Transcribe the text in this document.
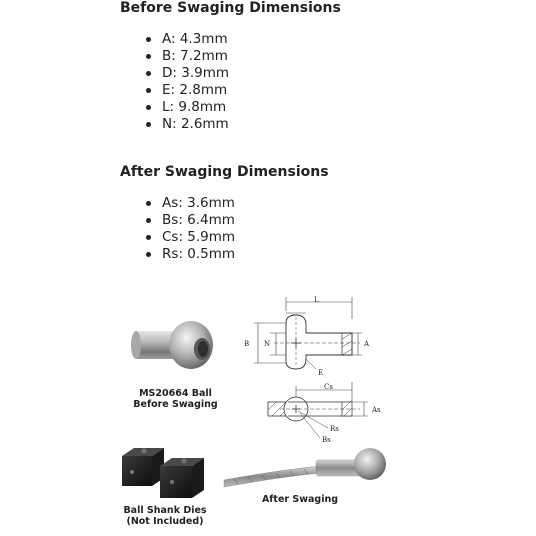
Before Swaging Dimensions
A: 4.3mm
B: 7.2mm
D: 3.9mm
E: 2.8mm
L: 9.8mm
N: 2.6mm
After Swaging Dimensions
As: 3.6mm
Bs: 6.4mm
Cs: 5.9mm
Rs: 0.5mm
MS20664 Ball
Before Swaging
L
B N	A
E
Cs
As
Rs
Bs
Ball Shank Dies
(Not Included)
After Swaging
